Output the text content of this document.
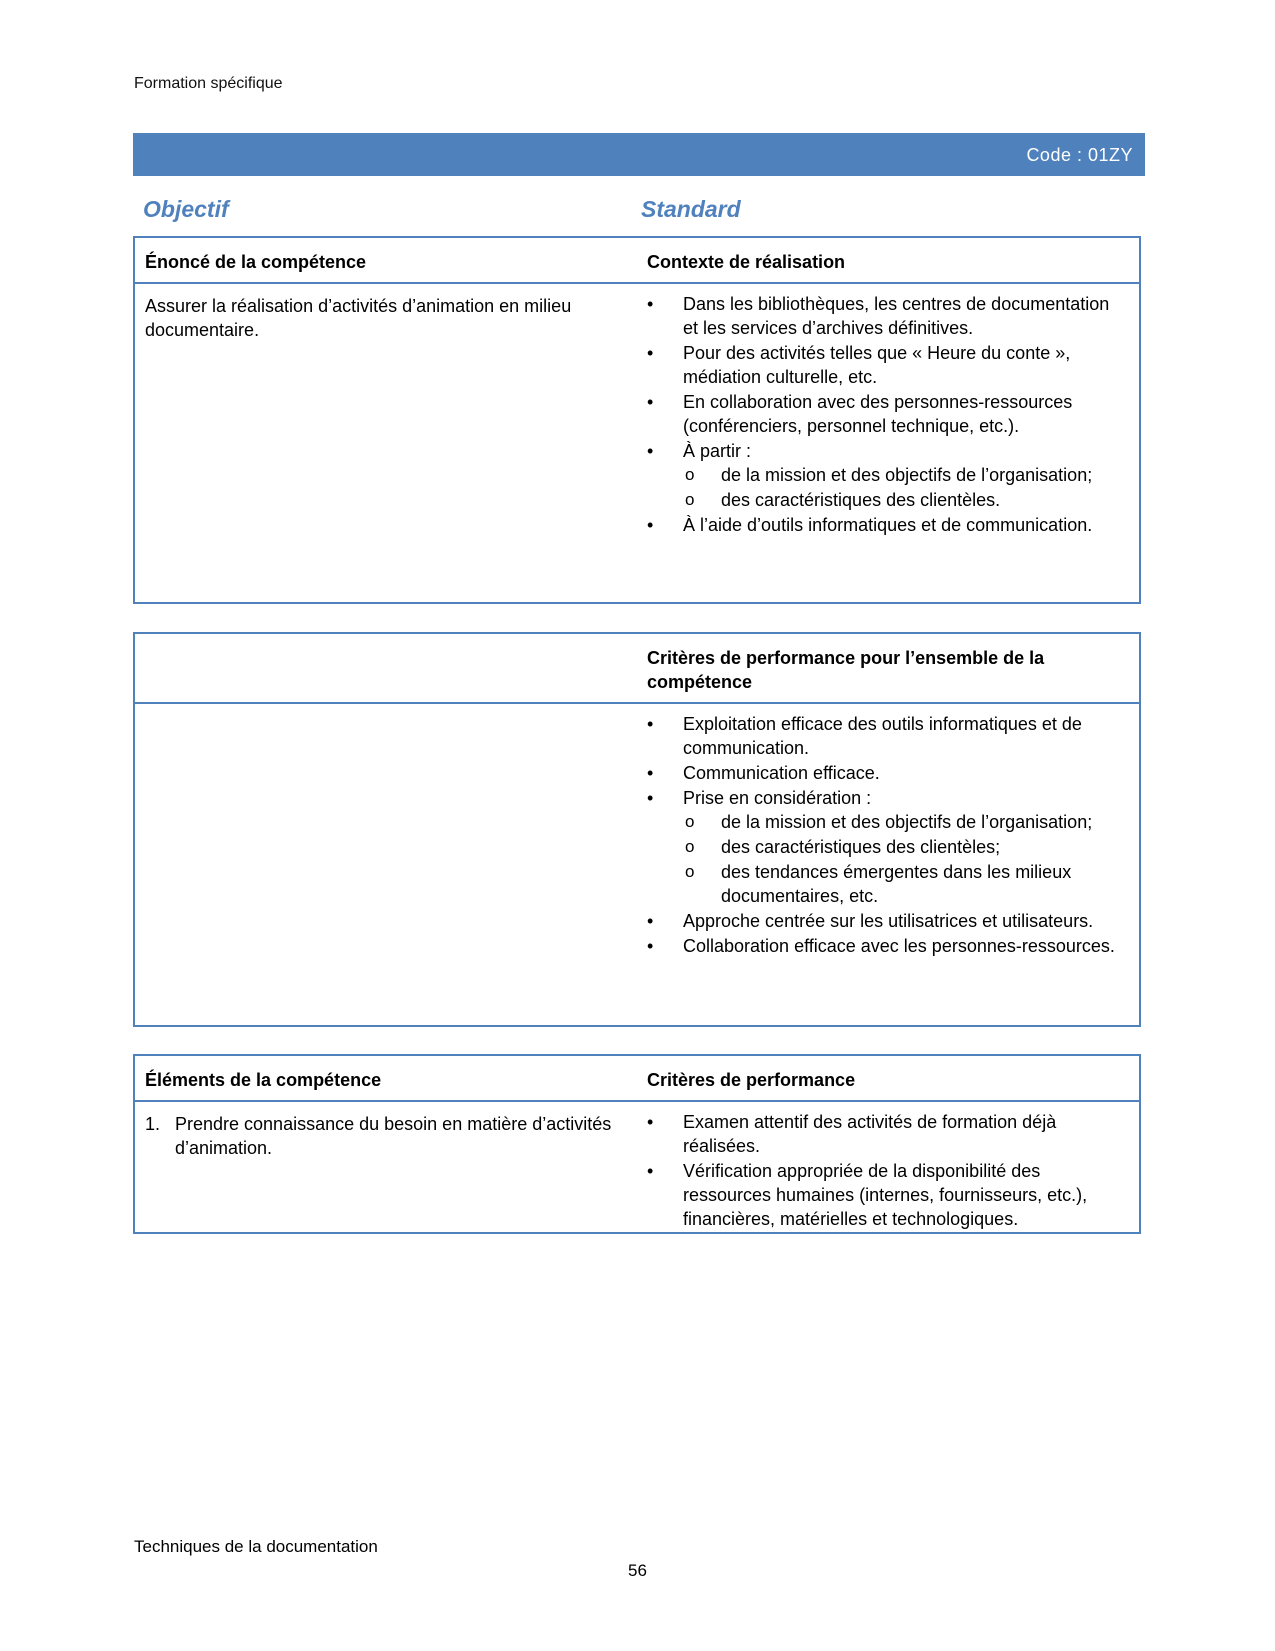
Formation spécifique
Code : 01ZY
Objectif	Standard
Énoncé de la compétence	Contexte de réalisation
Assurer la réalisation d’activités d’animation en milieu documentaire.
• Dans les bibliothèques, les centres de documentation et les services d’archives définitives.
• Pour des activités telles que « Heure du conte », médiation culturelle, etc.
• En collaboration avec des personnes-ressources (conférenciers, personnel technique, etc.).
• À partir :
o de la mission et des objectifs de l’organisation;
o des caractéristiques des clientèles.
• À l’aide d’outils informatiques et de communication.
Critères de performance pour l’ensemble de la compétence
• Exploitation efficace des outils informatiques et de communication.
• Communication efficace.
• Prise en considération :
o de la mission et des objectifs de l’organisation;
o des caractéristiques des clientèles;
o des tendances émergentes dans les milieux documentaires, etc.
• Approche centrée sur les utilisatrices et utilisateurs.
• Collaboration efficace avec les personnes-ressources.
Éléments de la compétence	Critères de performance
1. Prendre connaissance du besoin en matière d’activités d’animation.
• Examen attentif des activités de formation déjà réalisées.
• Vérification appropriée de la disponibilité des ressources humaines (internes, fournisseurs, etc.), financières, matérielles et technologiques.
Techniques de la documentation
56
